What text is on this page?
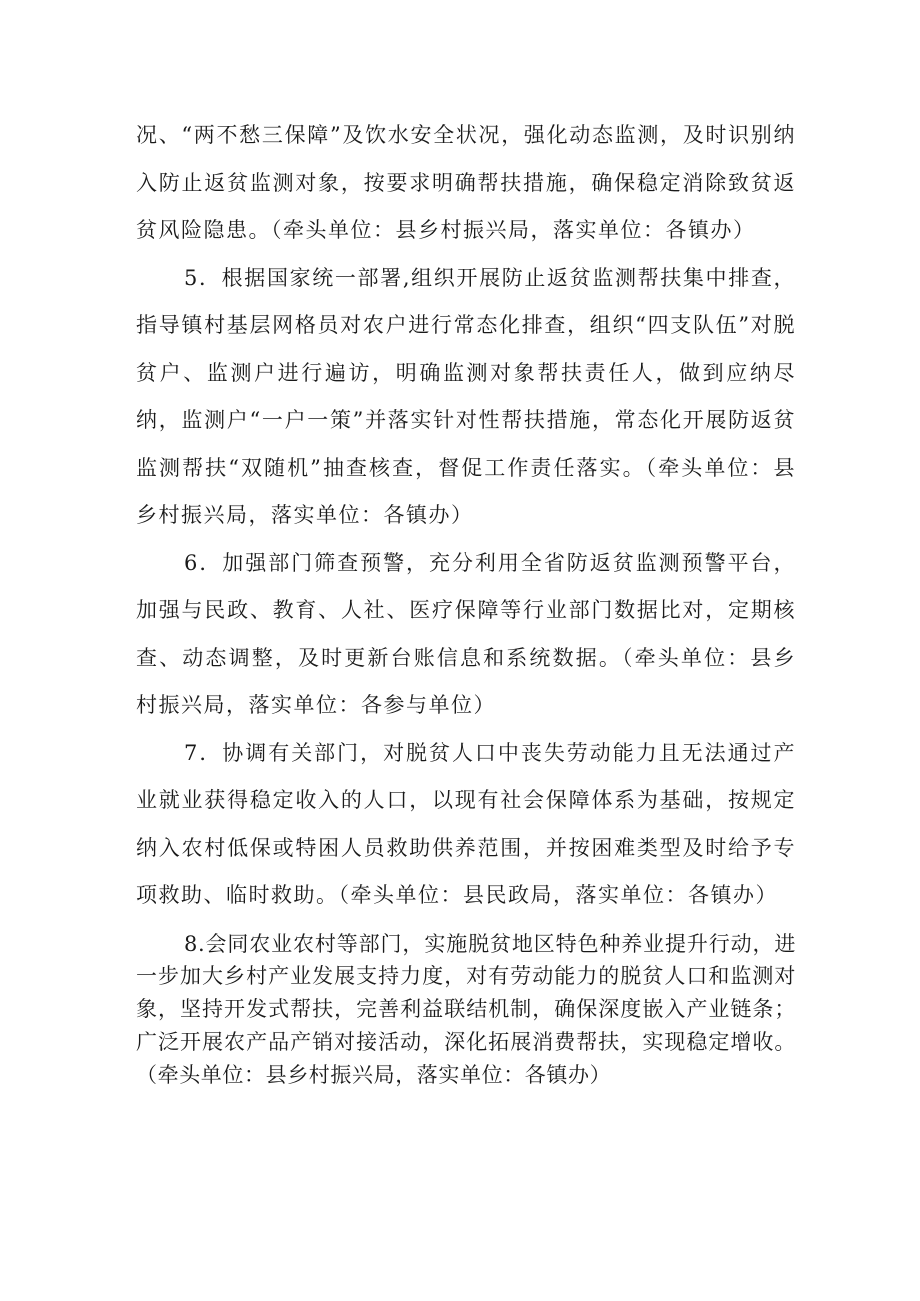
况、“两不愁三保障”及饮水安全状况，强化动态监测，及时识别纳入防止返贫监测对象，按要求明确帮扶措施，确保稳定消除致贫返贫风险隐患。（牵头单位：县乡村振兴局，落实单位：各镇办）

5．根据国家统一部署,组织开展防止返贫监测帮扶集中排查，指导镇村基层网格员对农户进行常态化排查，组织“四支队伍”对脱贫户、监测户进行遍访，明确监测对象帮扶责任人，做到应纳尽纳，监测户“一户一策”并落实针对性帮扶措施，常态化开展防返贫监测帮扶“双随机”抽查核查，督促工作责任落实。（牵头单位：县乡村振兴局，落实单位：各镇办）

6．加强部门筛查预警，充分利用全省防返贫监测预警平台，加强与民政、教育、人社、医疗保障等行业部门数据比对，定期核查、动态调整，及时更新台账信息和系统数据。（牵头单位：县乡村振兴局，落实单位：各参与单位）

7．协调有关部门，对脱贫人口中丧失劳动能力且无法通过产业就业获得稳定收入的人口，以现有社会保障体系为基础，按规定纳入农村低保或特困人员救助供养范围，并按困难类型及时给予专项救助、临时救助。（牵头单位：县民政局，落实单位：各镇办）

8.会同农业农村等部门，实施脱贫地区特色种养业提升行动，进一步加大乡村产业发展支持力度，对有劳动能力的脱贫人口和监测对象，坚持开发式帮扶，完善利益联结机制，确保深度嵌入产业链条；广泛开展农产品产销对接活动，深化拓展消费帮扶，实现稳定增收。（牵头单位：县乡村振兴局，落实单位：各镇办）
